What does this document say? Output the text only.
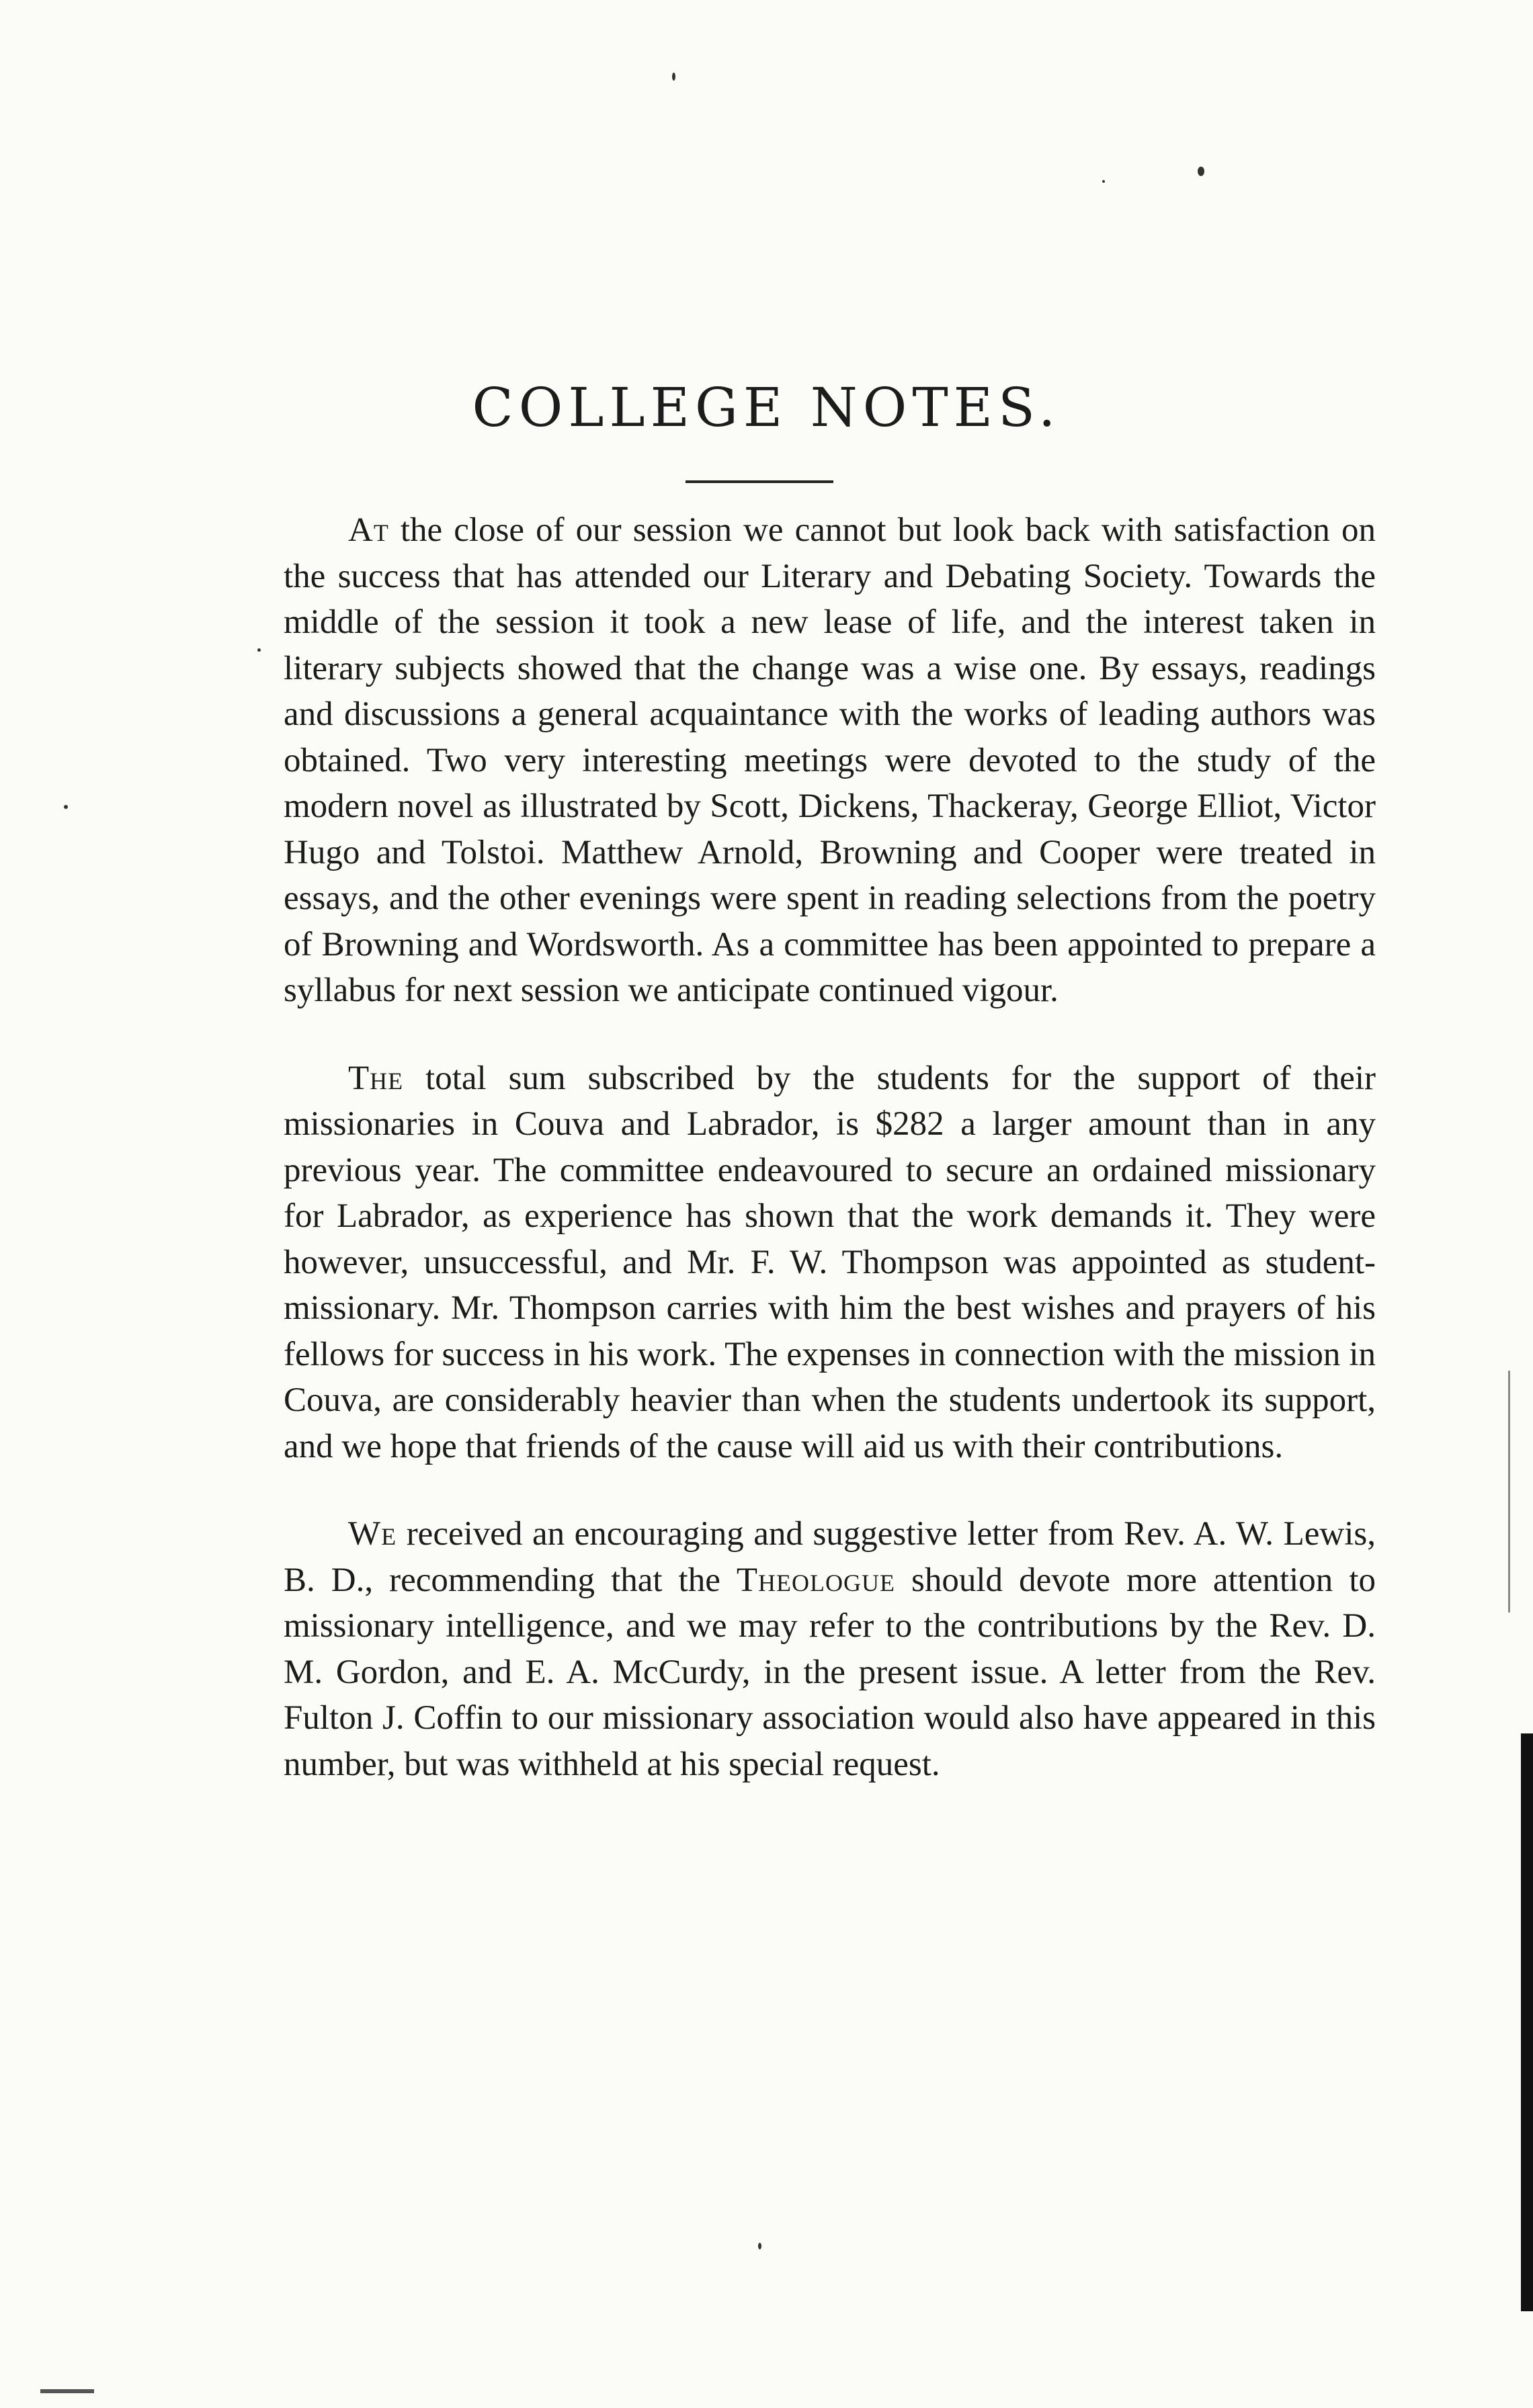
COLLEGE NOTES.

At the close of our session we cannot but look back with satisfaction on the success that has attended our Literary and Debating Society. Towards the middle of the session it took a new lease of life, and the interest taken in literary subjects showed that the change was a wise one. By essays, readings and discussions a general acquaintance with the works of leading authors was obtained. Two very interesting meetings were devoted to the study of the modern novel as illustrated by Scott, Dickens, Thackeray, George Elliot, Victor Hugo and Tolstoi. Matthew Arnold, Browning and Cooper were treated in essays, and the other evenings were spent in reading selections from the poetry of Browning and Wordsworth. As a committee has been appointed to prepare a syllabus for next session we anticipate continued vigour.

The total sum subscribed by the students for the support of their missionaries in Couva and Labrador, is $282 a larger amount than in any previous year. The committee endeavoured to secure an ordained missionary for Labrador, as experience has shown that the work demands it. They were however, unsuccessful, and Mr. F. W. Thompson was appointed as student-missionary. Mr. Thompson carries with him the best wishes and prayers of his fellows for success in his work. The expenses in connection with the mission in Couva, are considerably heavier than when the students undertook its support, and we hope that friends of the cause will aid us with their contributions.

We received an encouraging and suggestive letter from Rev. A. W. Lewis, B. D., recommending that the Theologue should devote more attention to missionary intelligence, and we may refer to the contributions by the Rev. D. M. Gordon, and E. A. McCurdy, in the present issue. A letter from the Rev. Fulton J. Coffin to our missionary association would also have appeared in this number, but was withheld at his special request.
